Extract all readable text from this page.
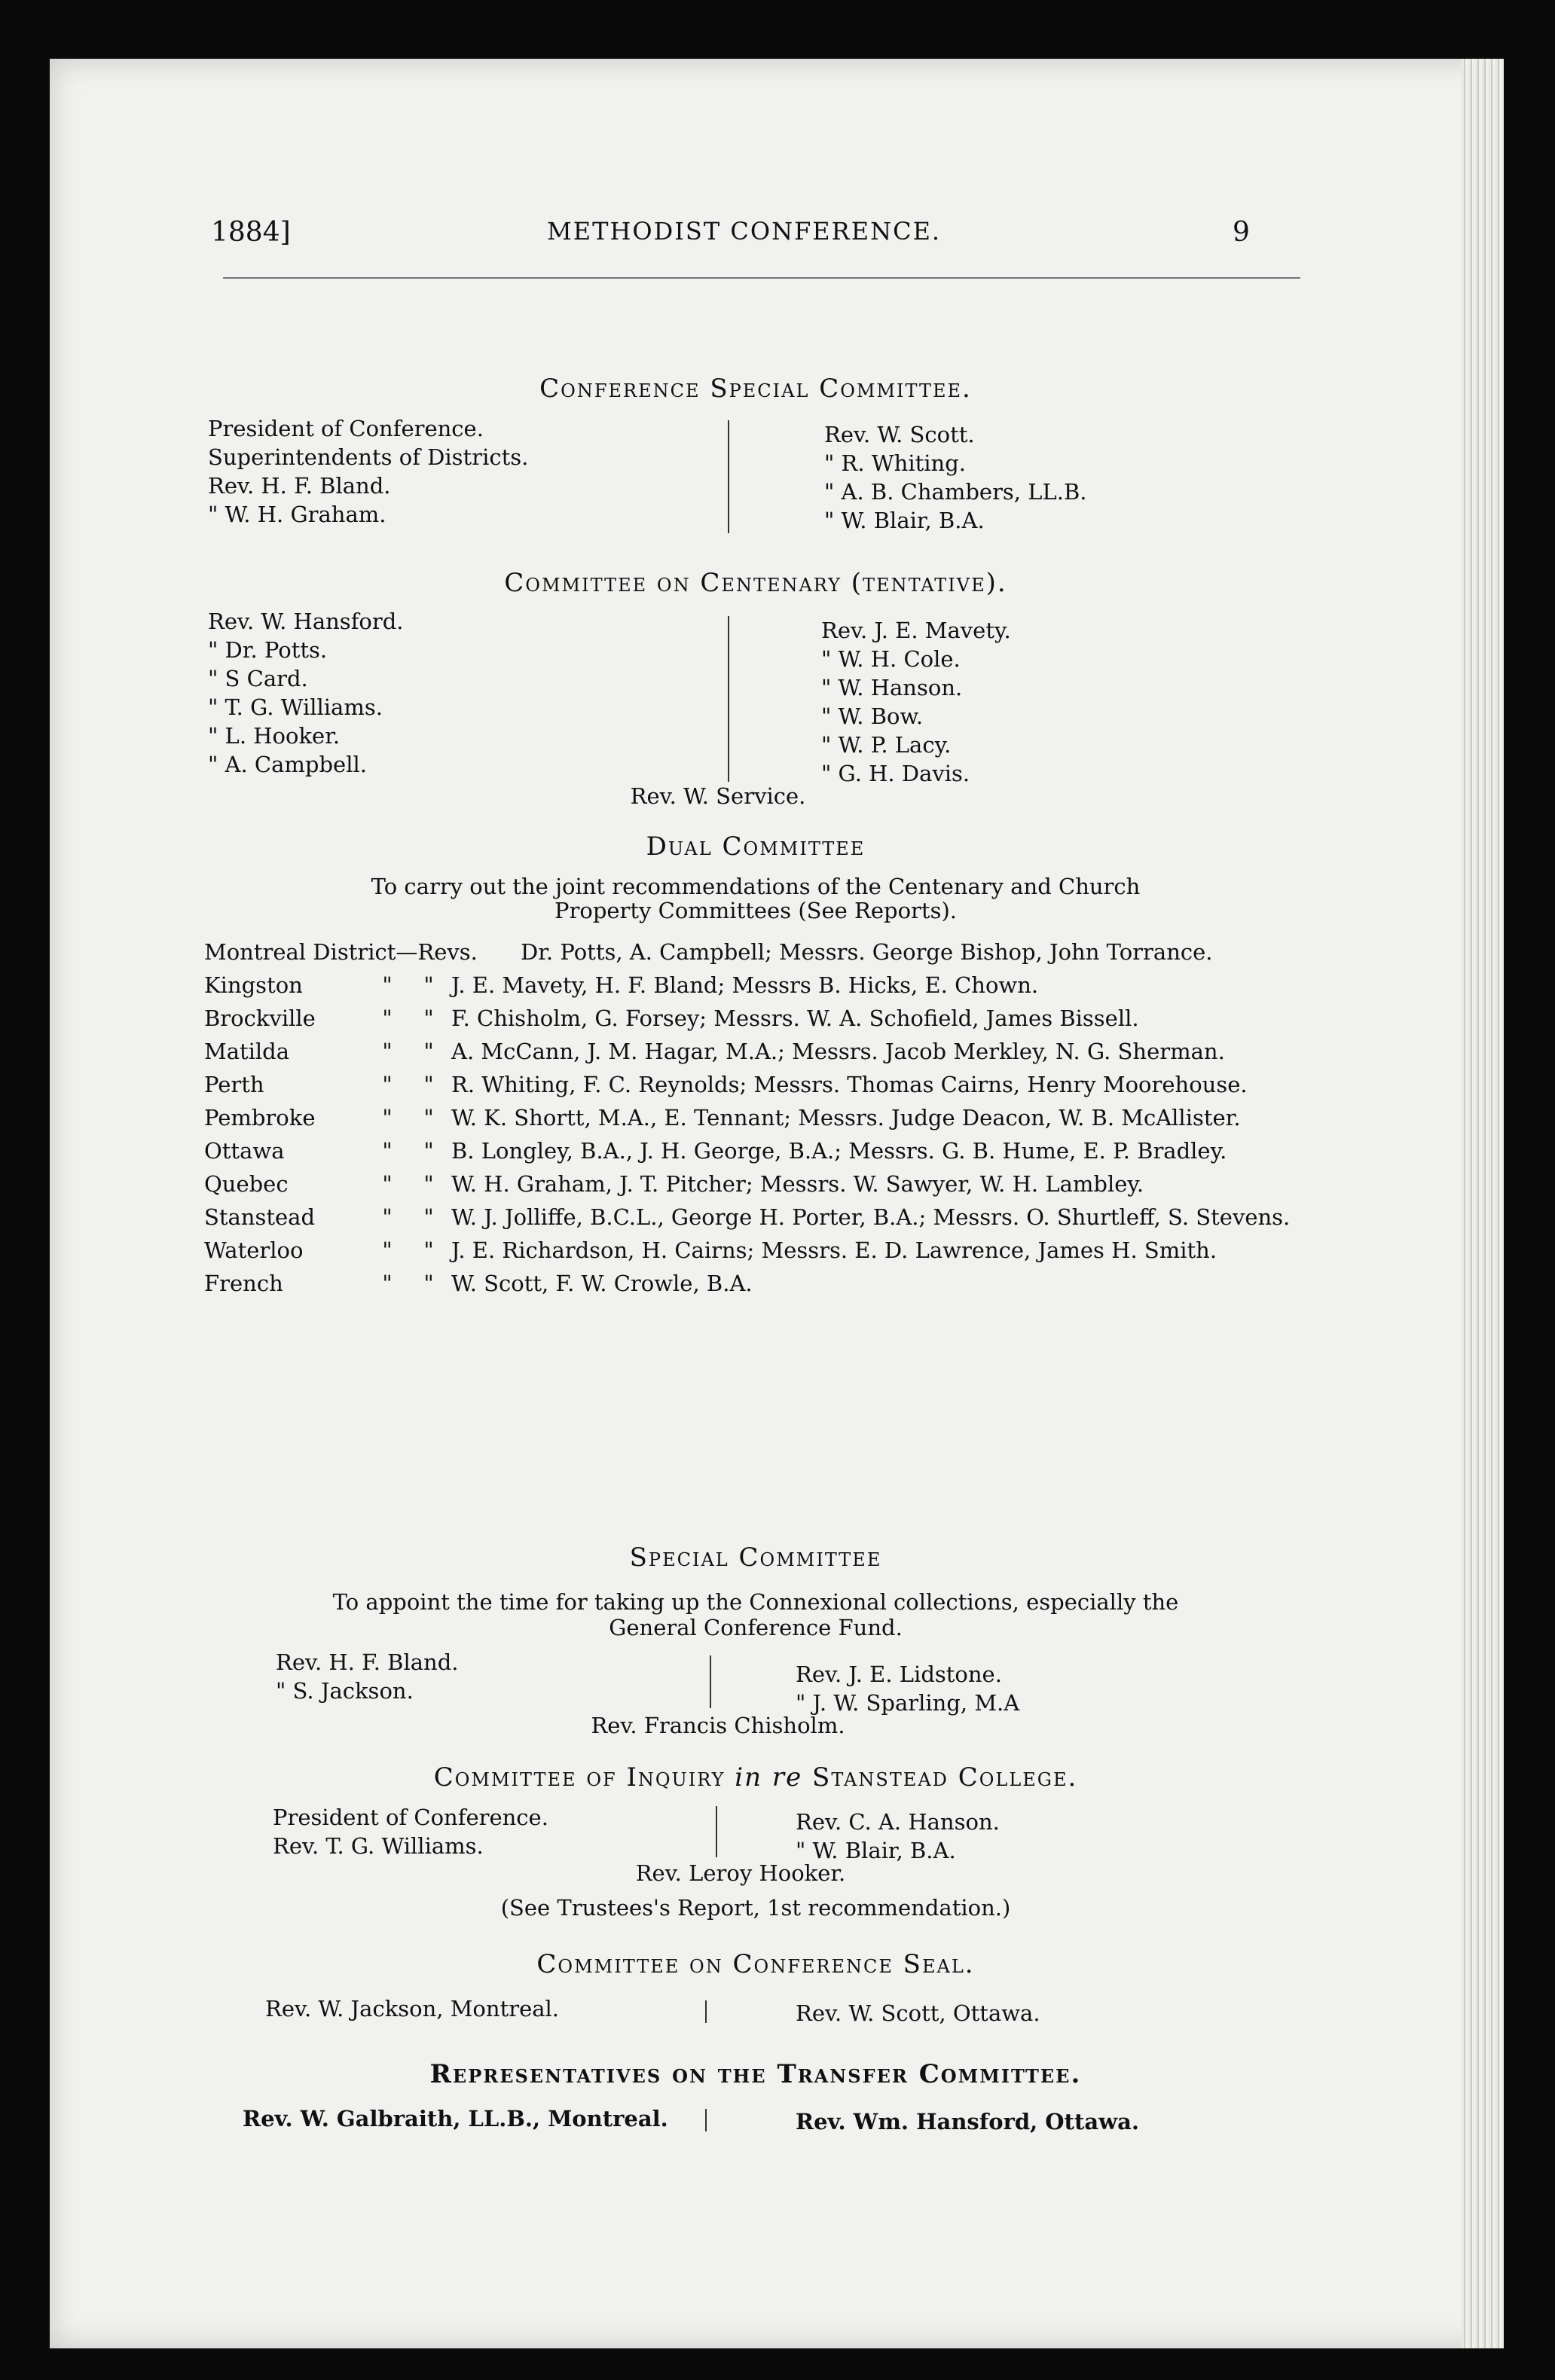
1884]	METHODIST CONFERENCE.	9
Conference Special Committee.
President of Conference.
Superintendents of Districts.
Rev. H. F. Bland.
" W. H. Graham.
Rev. W. Scott.
" R. Whiting.
" A. B. Chambers, LL.B.
" W. Blair, B.A.
Committee on Centenary (tentative).
Rev. W. Hansford.
" Dr. Potts.
" S Card.
" T. G. Williams.
" L. Hooker.
" A. Campbell.
Rev. J. E. Mavety.
" W. H. Cole.
" W. Hanson.
" W. Bow.
" W. P. Lacy.
" G. H. Davis.
Rev. W. Service.
Dual Committee
To carry out the joint recommendations of the Centenary and Church
Property Committees (See Reports).
Montreal District—Revs.	Dr. Potts, A. Campbell; Messrs. George Bishop, John Torrance.
Kingston	"	" J. E. Mavety, H. F. Bland; Messrs B. Hicks, E. Chown.
Brockville	"	" F. Chisholm, G. Forsey; Messrs. W. A. Schofield, James Bissell.
Matilda	"	" A. McCann, J. M. Hagar, M.A.; Messrs. Jacob Merkley, N. G. Sherman.
Perth	"	" R. Whiting, F. C. Reynolds; Messrs. Thomas Cairns, Henry Moorehouse.
Pembroke	"	" W. K. Shortt, M.A., E. Tennant; Messrs. Judge Deacon, W. B. McAllister.
Ottawa	"	" B. Longley, B.A., J. H. George, B.A.; Messrs. G. B. Hume, E. P. Bradley.
Quebec	"	" W. H. Graham, J. T. Pitcher; Messrs. W. Sawyer, W. H. Lambley.
Stanstead	"	" W. J. Jolliffe, B.C.L., George H. Porter, B.A.; Messrs. O. Shurtleff, S. Stevens.
Waterloo	"	" J. E. Richardson, H. Cairns; Messrs. E. D. Lawrence, James H. Smith.
French	"	" W. Scott, F. W. Crowle, B.A.
Special Committee
To appoint the time for taking up the Connexional collections, especially the
General Conference Fund.
Rev. H. F. Bland.
" S. Jackson.
Rev. J. E. Lidstone.
" J. W. Sparling, M.A
Rev. Francis Chisholm.
Committee of Inquiry in re Stanstead College.
President of Conference.
Rev. T. G. Williams.
Rev. C. A. Hanson.
" W. Blair, B.A.
Rev. Leroy Hooker.
(See Trustees's Report, 1st recommendation.)
Committee on Conference Seal.
Rev. W. Jackson, Montreal.	Rev. W. Scott, Ottawa.
Representatives on the Transfer Committee.
Rev. W. Galbraith, LL.B., Montreal.	Rev. Wm. Hansford, Ottawa.
